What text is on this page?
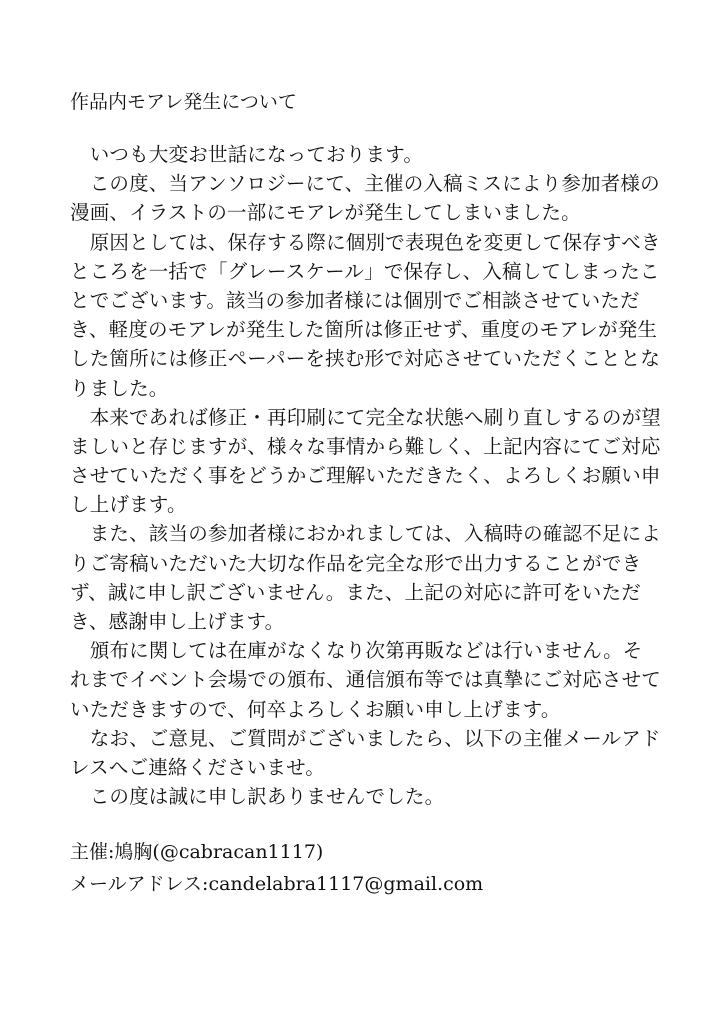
作品内モアレ発生について
　いつも大変お世話になっております。
　この度、当アンソロジーにて、主催の入稿ミスにより参加者様の
漫画、イラストの一部にモアレが発生してしまいました。
　原因としては、保存する際に個別で表現色を変更して保存すべき
ところを一括で「グレースケール」で保存し、入稿してしまったこ
とでございます。該当の参加者様には個別でご相談させていただ
き、軽度のモアレが発生した箇所は修正せず、重度のモアレが発生
した箇所には修正ペーパーを挟む形で対応させていただくこととな
りました。
　本来であれば修正・再印刷にて完全な状態へ刷り直しするのが望
ましいと存じますが、様々な事情から難しく、上記内容にてご対応
させていただく事をどうかご理解いただきたく、よろしくお願い申
し上げます。
　また、該当の参加者様におかれましては、入稿時の確認不足によ
りご寄稿いただいた大切な作品を完全な形で出力することができ
ず、誠に申し訳ございません。また、上記の対応に許可をいただ
き、感謝申し上げます。
　頒布に関しては在庫がなくなり次第再販などは行いません。そ
れまでイベント会場での頒布、通信頒布等では真摯にご対応させて
いただきますので、何卒よろしくお願い申し上げます。
　なお、ご意見、ご質問がございましたら、以下の主催メールアド
レスへご連絡くださいませ。
　この度は誠に申し訳ありませんでした。
主催:鳩胸(@cabracan1117)
メールアドレス:candelabra1117@gmail.com
